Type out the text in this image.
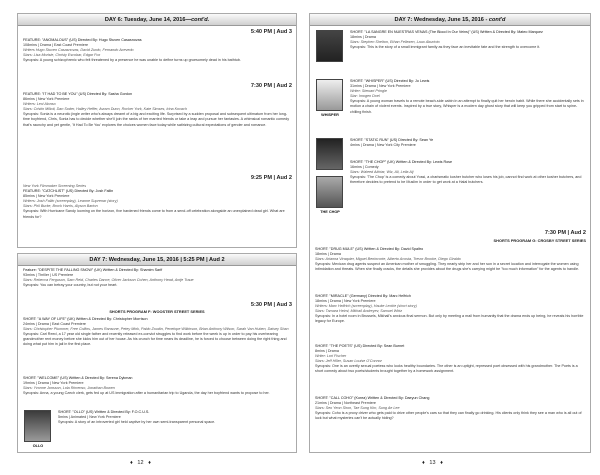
DAY 6: Tuesday, June 14, 2016—cont'd.
5:40 PM | Aud 3

FEATURE: "ANOMALOUS" (US) Directed By: Hugo Stuven Casasnovas

108mins | Drama | East Coast Premiere

Writers Hugo Stuven Casasnovas, David Zurdo, Fernando Acevedo

Stars: Lisa Morisie, Christy Escobar, Edgar Fox

Synopsis: A young schizophrenic who felt threatened by a presence he was unable to define turns up gruesomely dead in his bathtub.

7:30 PM | Aud 2

FEATURE: "IT HAD TO BE YOU" (US) Directed By: Sasha Gordon

86mins | New York Premiere

Writers: Lexi Alonso

Stars: Cristin Milioti, Dan Soder, Halley Heffer, Avram Dunn, Rocker York, Kate Simses, Irina Kovach

Synopsis: Sonia is a neurotic jingle writer who’s always dreamt of a big and exciting life. Surprised by a sudden proposal and subsequent ultimatum from her long-time boyfriend, Chris, Sonia has to decide whether she’ll join the ranks of her married friends or take a leap and pursue her fantasies. A whimsical romantic comedy that’s raunchy and yet gentle, 'It Had To Be You' explores the choices women face today while satirizing cultural expectations of gender and romance.

9:25 PM | Aud 2

New York Filmmaker Screening Series

FEATURE: "CATCHLIST" (US) Directed By: Josh Fallin

85mins | New York Premiere

Writers: Josh Fallin (screenplay), Leanne Suprenar (story)

Stars: Phil Burke, Brock Harris, Alyson Barton

Synopsis: With Hurricane Sandy looming on the horizon, five hardened friends come to from a send-off celebration alongside an unexplained dead girl. What are friends for?

DAY 7: Wednesday, June 15, 2016 | 5:25 PM | Aud 2

Feature: "DESPITE THE FALLING SNOW" (UK) Written & Directed By: Shamim Sarif

93mins | Thriller | US Premiere

Stars: Rebecca Ferguson, Sam Reid, Charles Dance, Oliver Jackson Cohen, Anthony Head, Antje Traue

Synopsis: You can betray your country, but not your heart.

5:30 PM | Aud 3
SHORTS PROGRAM F: WOOSTER STREET SERIES

SHORT: "A WAY OF LIFE" (UK) Written & Directed By: Christopher Morrison

24mins | Drama | East Coast Premiere

Stars: Christopher Plummer, Free Collins, James Ransone, Petey Mink, Pablo Zoudin, Penelope Wilkinson, Brian Anthony Wilson, Sarah Van Huben, Daisey Shan

Synopsis: Carl Reed, a 17 year old single father and recently released ex-convict struggles to find work before the week is up in order to pay his overbearing grandmother rent money before she kicks him out of her house. As his crunch for time nears its deadline, he is forced to choose between doing the right thing and doing what put him in jail in the first place.

SHORT: "WELCOME" (US) Written & Directed By: Serena Dykman

19mins | Drama | New York Premiere

Stars: Yvonne Jonsson, Lola Rimenso, Jonathan Bowen

Synopsis: Anna, a young Czech clerk, gets fed up at US immigration after a humanitarian trip to Uganda, the day her boyfriend wants to propose to her.

OLLO

SHORT: "OLLO" (US) Written & Directed By: F.O.C.U.S.

5mins | Animated | New York Premiere

Synopsis: A story of an introverted girl held captive by her own semi-transparent personal space.

♦ 12 ♦
DAY 7: Wednesday, June 15, 2016 - cont'd

SHORT: "LA SANGRE EN NUESTRAS VENAS (The Blood In Our Veins)" (US) Written & Directed By: Mateo Marquez

18mins | Drama

Stars: Stephen Shelton, Ethan Fellezen, Lauo Aburtoto

Synopsis: This is the story of a small immigrant family as they face an inevitable fate and the strength to overcome it.

WHISPER

SHORT: "WHISPER" (US) Directed By: Jo Lewis

31mins | Drama | New York Premiere

Writer: Stewart Pringle

Star: Imogen Doel

Synopsis: A young woman travels to a remote beach-side cabin in an attempt to finally quit her heroin habit. While there she accidentally sets in motion a chain of violent events. Inspired by a true story, Whisper is a modern day ghost story that will keep you gripped from start to spine-chilling finish.

SHORT: "STATIC RUN" (US) Directed By: Sean Ye

4mins | Drama | New York City Premiere

THE CHOP

SHORT: "THE CHOP" (UK) Written & Directed By: Lewis Rose

16mins | Comedy

Stars: Waleed Akhtar, Wiz, Ali, Leila Aij

Synopsis: 'The Chop' is a comedy about Yossi, a charismatic kosher butcher who loses his job, cannot find work at other kosher butchers, and therefore decides to pretend to be Muslim in order to get work at a Halal butchers.

7:30 PM | Aud 2
SHORTS PROGRAM G: CROSBY STREET SERIES

SHORT: "DRUG MULE" (US) Written & Directed By: David Spaltro

18mins | Drama

Stars: Arianna Viraquier, Miguel Benincorte, Alberto Acosta, Trevor Brooke, Diego Giraldo

Synopsis: Mexican drug agents suspect an American mother of smuggling. They nearly strip her and her son in a secret location and interrogate the women using intimidation and threats. When she finally cracks, the details she provides about the drugs she's carrying might be "too much information" for the agents to handle.

SHORT: "MIRACLE" (Germany) Directed By: Marc Helfrich

18mins | Drama | New York Premiere

Writers: Marc Helfrich (screenplay), Hauke Leckie (short story)

Stars: Tamara Heiml, Mikhail Andreyev, Samuel Wirtz

Synopsis: In a hotel room in Brussels, Mikhail's anxious final sermon. But only by meeting a mail from humanity that the drama ends up being, he reveals his horrible legacy for Europe.

SHORT: "THE POETS" (US) Directed By: Sean Burnet

8mins | Drama

Writer: Lori Fischer

Stars: Jeff Hiller, Susan Louise O'Connor

Synopsis: One is an overtly sexual poetess who looks healthy boundaries. The other is an uptight, repressed poet obsessed with his grandmother. The Poets is a short comedy about two poets/students brought together by a homework assignment.

SHORT: "CALL COHO" (Korea) Written & Directed By: Daeyun Chang

21mins | Drama | Northeast Premiere

Stars: Seo Yeon Shon, Tae Sung Kim, Sung Ae Lee

Synopsis: Coho is a proxy driver who gets paid to drive other people's cars so that they can finally go drinking. His clients only think they see a man who is all out of luck but what mysteries can't be actually hiding?

♦ 13 ♦
